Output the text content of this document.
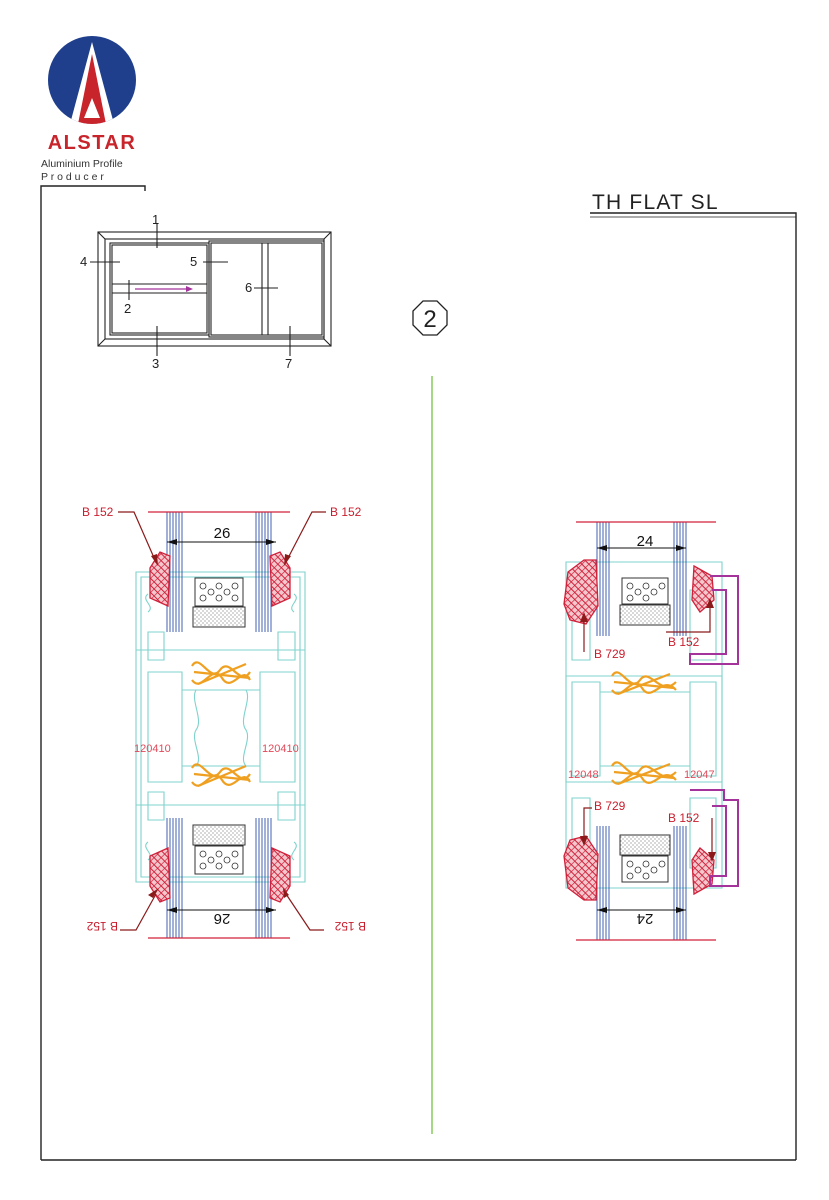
ALSTAR
Aluminium Profile
P r o d u c e r
TH FLAT SL
2
1
2
3
4	5
6
7
B 152	B 152
B 152	B 152
26
26
120410	120410
24
24
B 729
B 729
B 152
B 152
12048	12047
